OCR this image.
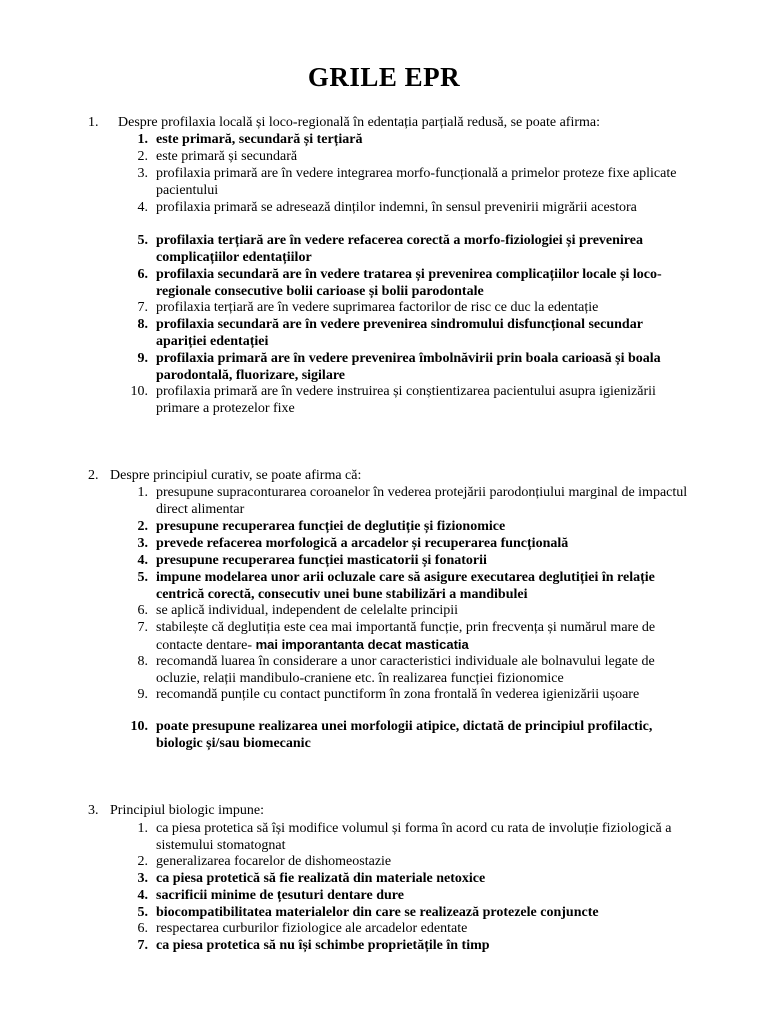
GRILE EPR
1. Despre profilaxia locală și loco-regională în edentația parțială redusă, se poate afirma:
1. este primară, secundară și terțiară
2. este primară și secundară
3. profilaxia primară are în vedere integrarea morfo-funcțională a primelor proteze fixe aplicate pacientului
4. profilaxia primară se adresează dinților indemni, în sensul prevenirii migrării acestora
5. profilaxia terțiară are în vedere refacerea corectă a morfo-fiziologiei și prevenirea complicațiilor edentațiilor
6. profilaxia secundară are în vedere tratarea și prevenirea complicațiilor locale și loco-regionale consecutive bolii carioase și bolii parodontale
7. profilaxia terțiară are în vedere suprimarea factorilor de risc ce duc la edentație
8. profilaxia secundară are în vedere prevenirea sindromului disfuncțional secundar apariției edentației
9. profilaxia primară are în vedere prevenirea îmbolnăvirii prin boala carioasă și boala parodontală, fluorizare, sigilare
10. profilaxia primară are în vedere instruirea și conștientizarea pacientului asupra igienizării primare a protezelor fixe
2. Despre principiul curativ, se poate afirma că:
1. presupune supraconturarea coroanelor în vederea protejării parodonțiului marginal de impactul direct alimentar
2. presupune recuperarea funcției de deglutiție și fizionomice
3. prevede refacerea morfologică a arcadelor și recuperarea funcțională
4. presupune recuperarea funcției masticatorii și fonatorii
5. impune modelarea unor arii ocluzale care să asigure executarea deglutiției în relație centrică corectă, consecutiv unei bune stabilizări a mandibulei
6. se aplică individual, independent de celelalte principii
7. stabilește că deglutiția este cea mai importantă funcție, prin frecvența și numărul mare de contacte dentare- mai imporantanta decat masticatia
8. recomandă luarea în considerare a unor caracteristici individuale ale bolnavului legate de ocluzie, relații mandibulo-craniene etc. în realizarea funcției fizionomice
9. recomandă punțile cu contact punctiform în zona frontală în vederea igienizării ușoare
10. poate presupune realizarea unei morfologii atipice, dictată de principiul profilactic, biologic și/sau biomecanic
3. Principiul biologic impune:
1. ca piesa protetica să își modifice volumul și forma în acord cu rata de involuție fiziologică a sistemului stomatognat
2. generalizarea focarelor de dishomeostazie
3. ca piesa protetică să fie realizată din materiale netoxice
4. sacrificii minime de țesuturi dentare dure
5. biocompatibilitatea materialelor din care se realizează protezele conjuncte
6. respectarea curburilor fiziologice ale arcadelor edentate
7. ca piesa protetica să nu își schimbe proprietățile în timp
